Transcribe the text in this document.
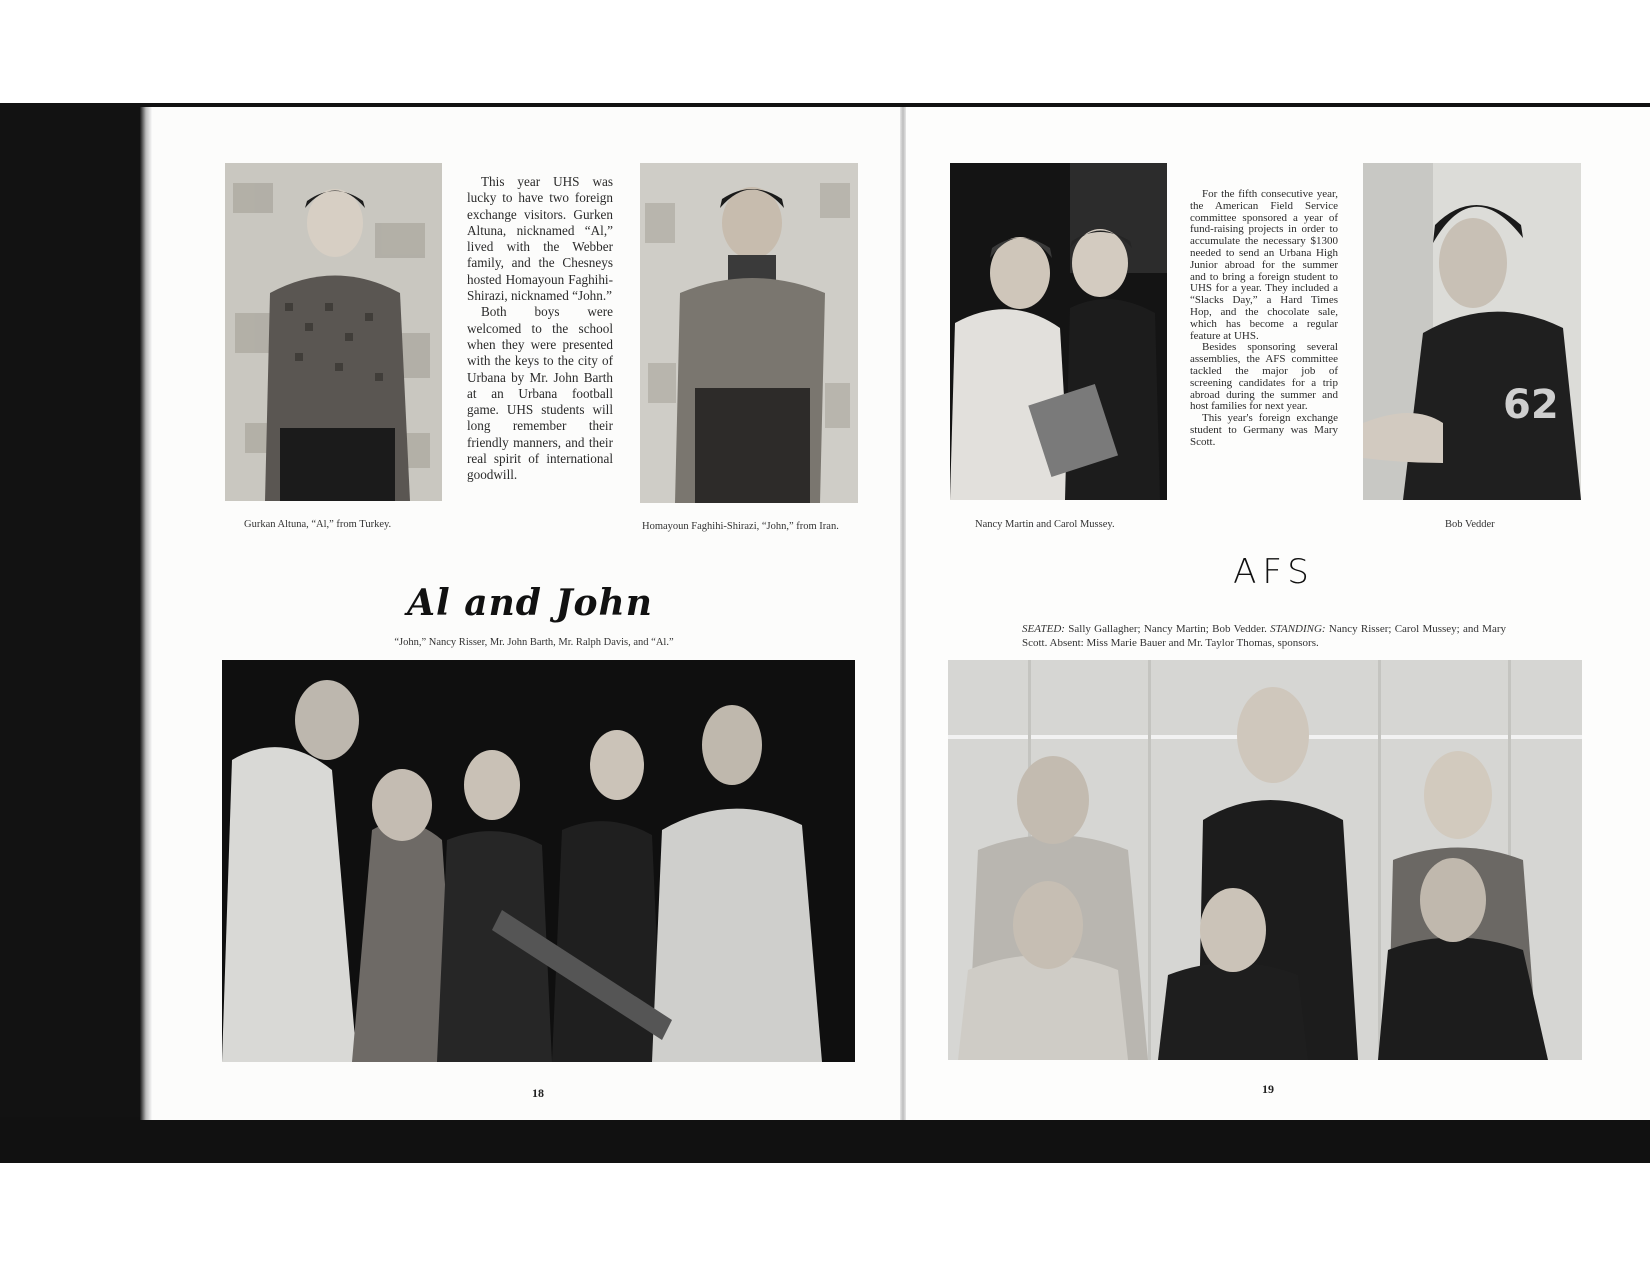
This year UHS was lucky to have two foreign exchange visitors. Gurken Altuna, nicknamed “Al,” lived with the Webber family, and the Chesneys hosted Homayoun Faghihi-Shirazi, nicknamed “John.”

Both boys were welcomed to the school when they were presented with the keys to the city of Urbana by Mr. John Barth at an Urbana football game. UHS students will long remember their friendly manners, and their real spirit of international goodwill.

Gurkan Altuna, “Al,” from Turkey.	Homayoun Faghihi-Shirazi, “John,” from Iran.
Al and John
“John,” Nancy Risser, Mr. John Barth, Mr. Ralph Davis, and “Al.”
18

For the fifth consecutive year, the American Field Service committee sponsored a year of fund-raising projects in order to accumulate the necessary $1300 needed to send an Urbana High Junior abroad for the summer and to bring a foreign student to UHS for a year. They included a “Slacks Day,” a Hard Times Hop, and the chocolate sale, which has become a regular feature at UHS.

Besides sponsoring several assemblies, the AFS committee tackled the major job of screening candidates for a trip abroad during the summer and host families for next year.

This year's foreign exchange student to Germany was Mary Scott.

62
Nancy Martin and Carol Mussey.	Bob Vedder
AFS
SEATED: Sally Gallagher; Nancy Martin; Bob Vedder. STANDING: Nancy Risser; Carol Mussey; and Mary Scott. Absent: Miss Marie Bauer and Mr. Taylor Thomas, sponsors.
19
